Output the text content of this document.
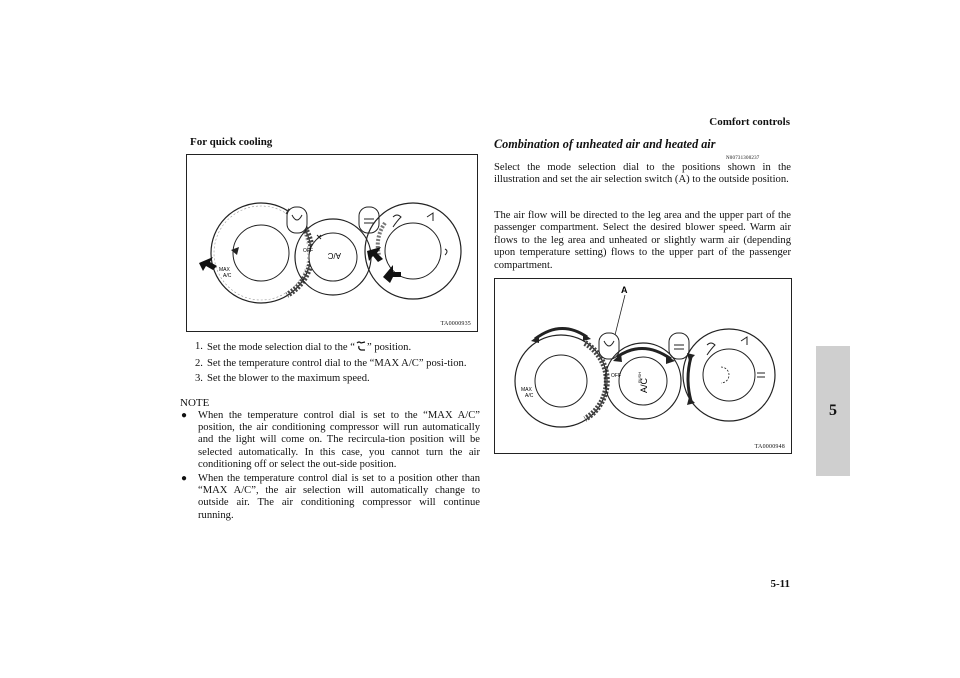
Comfort controls
5
5-11
For quick cooling
MAX
A/C
OFF A/C
TA0000935
1. Set the mode selection dial to the “ ” position.
2. Set the temperature control dial to the “MAX A/C” posi-tion.
3. Set the blower to the maximum speed.
NOTE
● When the temperature control dial is set to the “MAX A/C” position, the air conditioning compressor will run automatically and the light will come on. The recircula-tion position will be selected automatically. In this case, you cannot turn the air conditioning off or select the out-side position.
● When the temperature control dial is set to a position other than “MAX A/C”, the air selection will automatically change to outside air. The air conditioning compressor will continue running.
Combination of unheated air and heated air
N00731300237
Select the mode selection dial to the positions shown in the illustration and set the air selection switch (A) to the outside position.
The air flow will be directed to the leg area and the upper part of the passenger compartment. Select the desired blower speed. Warm air flows to the leg area and unheated or slightly warm air (depending upon temperature setting) flows to the upper part of the passenger compartment.
A
MAX
A/C
OFF
A/C
PUSH
TA0000948
